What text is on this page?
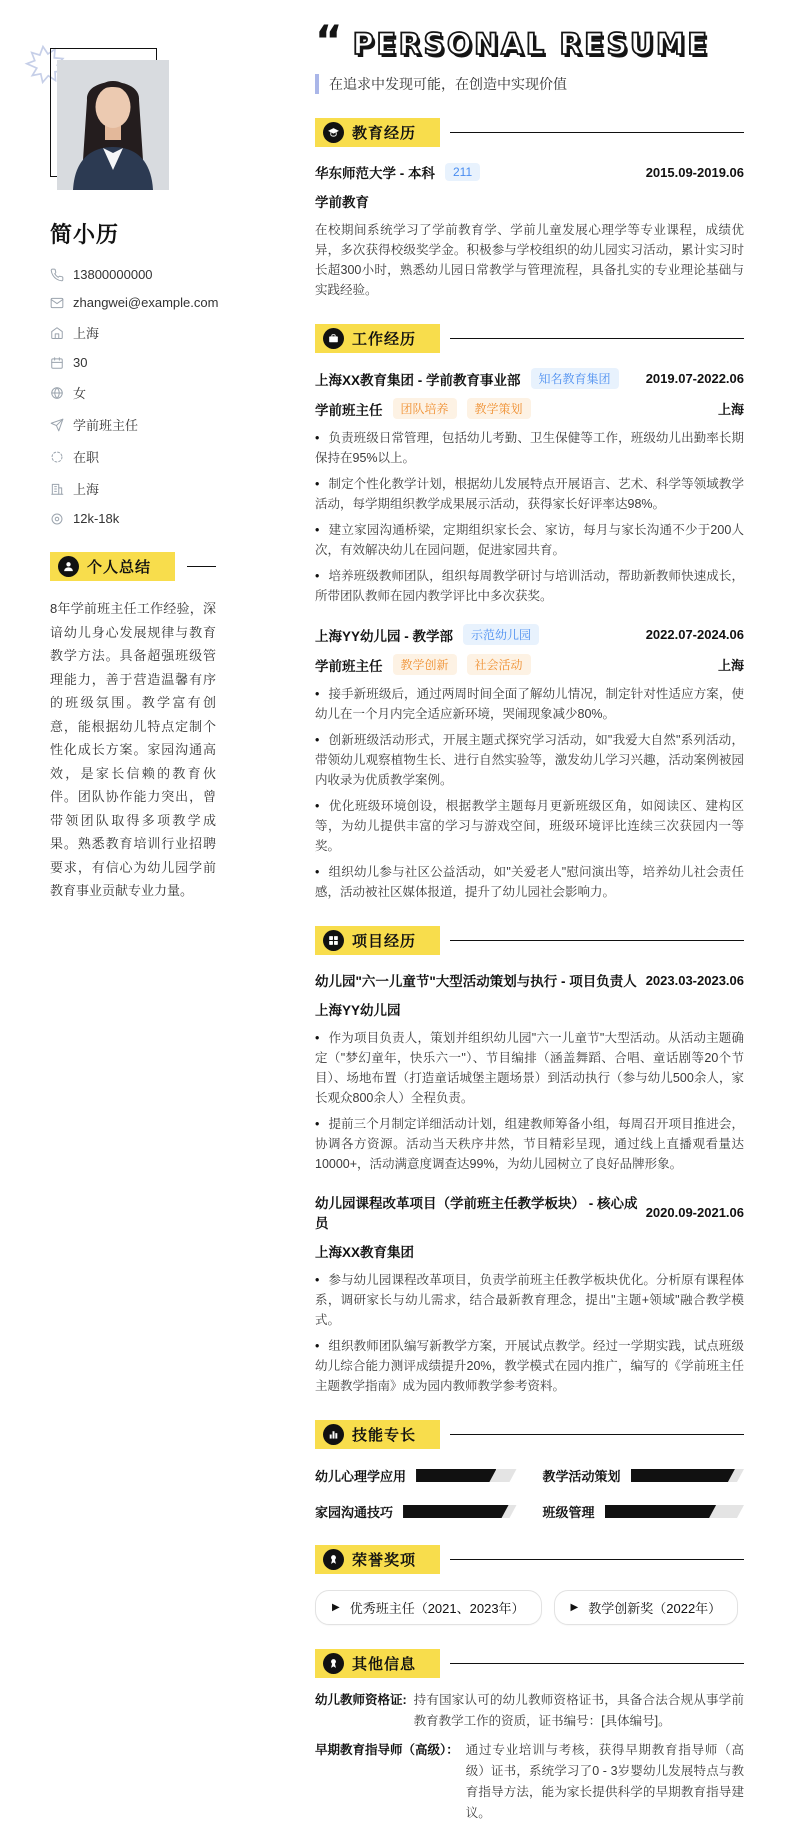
简小历
13800000000
zhangwei@example.com
上海
30
女
学前班主任
在职
上海
12k-18k
个人总结

8年学前班主任工作经验，深谙幼儿身心发展规律与教育教学方法。具备超强班级管理能力，善于营造温馨有序的班级氛围。教学富有创意，能根据幼儿特点定制个性化成长方案。家园沟通高效，是家长信赖的教育伙伴。团队协作能力突出，曾带领团队取得多项教学成果。熟悉教育培训行业招聘要求，有信心为幼儿园学前教育事业贡献专业力量。

“ PERSONAL RESUME
在追求中发现可能，在创造中实现价值
教育经历
华东师范大学 - 本科	211	2015.09-2019.06
学前教育

在校期间系统学习了学前教育学、学前儿童发展心理学等专业课程，成绩优异，多次获得校级奖学金。积极参与学校组织的幼儿园实习活动，累计实习时长超300小时，熟悉幼儿园日常教学与管理流程，具备扎实的专业理论基础与实践经验。

工作经历
上海XX教育集团 - 学前教育事业部	知名教育集团	2019.07-2022.06
学前班主任	团队培养	教学策划	上海
• 负责班级日常管理，包括幼儿考勤、卫生保健等工作，班级幼儿出勤率长期保持在95%以上。
• 制定个性化教学计划，根据幼儿发展特点开展语言、艺术、科学等领域教学活动，每学期组织教学成果展示活动，获得家长好评率达98%。
• 建立家园沟通桥梁，定期组织家长会、家访，每月与家长沟通不少于200人次，有效解决幼儿在园问题，促进家园共育。
• 培养班级教师团队，组织每周教学研讨与培训活动，帮助新教师快速成长，所带团队教师在园内教学评比中多次获奖。
上海YY幼儿园 - 教学部	示范幼儿园	2022.07-2024.06
学前班主任	教学创新	社会活动	上海
• 接手新班级后，通过两周时间全面了解幼儿情况，制定针对性适应方案，使幼儿在一个月内完全适应新环境，哭闹现象减少80%。
• 创新班级活动形式，开展主题式探究学习活动，如"我爱大自然"系列活动，带领幼儿观察植物生长、进行自然实验等，激发幼儿学习兴趣，活动案例被园内收录为优质教学案例。
• 优化班级环境创设，根据教学主题每月更新班级区角，如阅读区、建构区等，为幼儿提供丰富的学习与游戏空间，班级环境评比连续三次获园内一等奖。
• 组织幼儿参与社区公益活动，如"关爱老人"慰问演出等，培养幼儿社会责任感，活动被社区媒体报道，提升了幼儿园社会影响力。
项目经历
幼儿园"六一儿童节"大型活动策划与执行 - 项目负责人 2023.03-2023.06
上海YY幼儿园
• 作为项目负责人，策划并组织幼儿园"六一儿童节"大型活动。从活动主题确定（"梦幻童年，快乐六一"）、节目编排（涵盖舞蹈、合唱、童话剧等20个节目）、场地布置（打造童话城堡主题场景）到活动执行（参与幼儿500余人，家长观众800余人）全程负责。
• 提前三个月制定详细活动计划，组建教师筹备小组，每周召开项目推进会，协调各方资源。活动当天秩序井然，节目精彩呈现，通过线上直播观看量达10000+，活动满意度调查达99%，为幼儿园树立了良好品牌形象。
幼儿园课程改革项目（学前班主任教学板块） - 核心成员
2020.09-2021.06
上海XX教育集团
• 参与幼儿园课程改革项目，负责学前班主任教学板块优化。分析原有课程体系，调研家长与幼儿需求，结合最新教育理念，提出"主题+领域"融合教学模式。
• 组织教师团队编写新教学方案，开展试点教学。经过一学期实践，试点班级幼儿综合能力测评成绩提升20%，教学模式在园内推广，编写的《学前班主任主题教学指南》成为园内教师教学参考资料。
技能专长
幼儿心理学应用	教学活动策划
家园沟通技巧	班级管理
荣誉奖项
▶ 优秀班主任（2021、2023年）	▶ 教学创新奖（2022年）
其他信息
幼儿教师资格证: 持有国家认可的幼儿教师资格证书，具备合法合规从事学前教育教学工作的资质，证书编号：[具体编号]。
早期教育指导师（高级）： 通过专业培训与考核，获得早期教育指导师（高级）证书，系统学习了0 - 3岁婴幼儿发展特点与教育指导方法，能为家长提供科学的早期教育指导建议。
